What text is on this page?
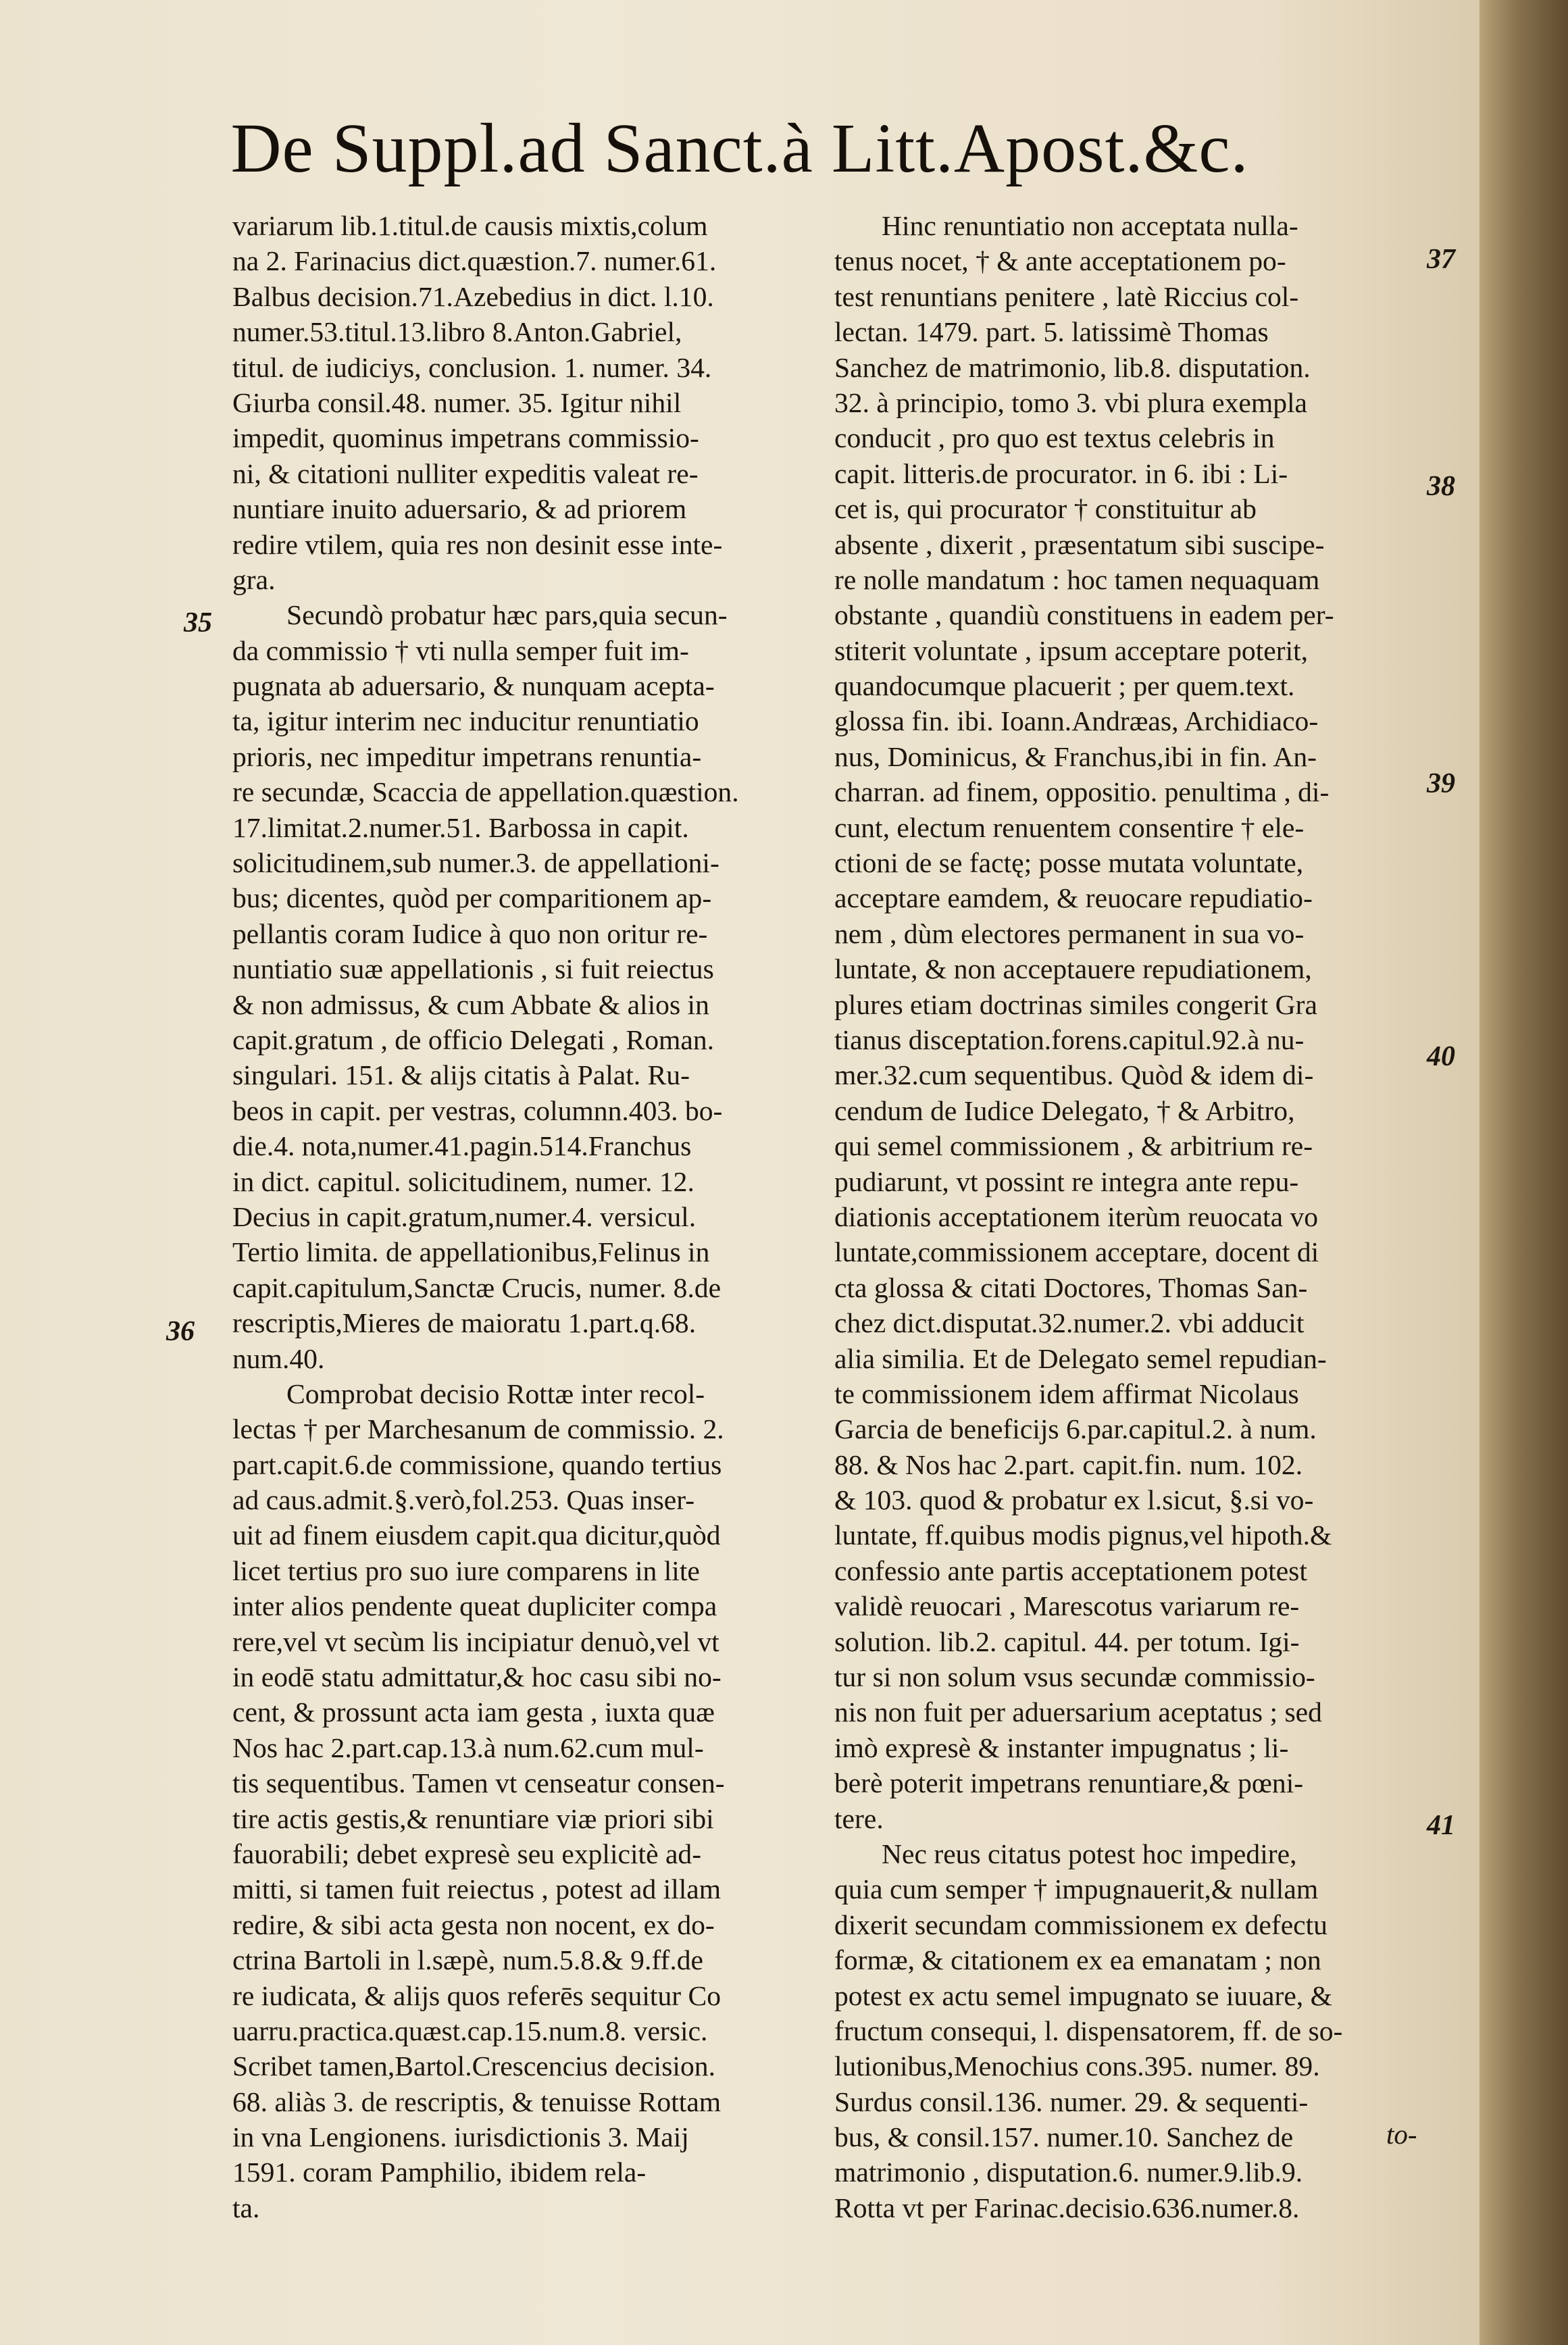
De Suppl.ad Sanct.à Litt.Apost.&c.
variarum lib.1.titul.de causis mixtis,colum
na 2. Farinacius dict.quæstion.7. numer.61.
Balbus decision.71.Azebedius in dict. l.10.
numer.53.titul.13.libro 8.Anton.Gabriel,
titul. de iudiciys, conclusion. 1. numer. 34.
Giurba consil.48. numer. 35. Igitur nihil
impedit, quominus impetrans commissio-
ni, & citationi nulliter expeditis valeat re-
nuntiare inuito aduersario, & ad priorem
redire vtilem, quia res non desinit esse inte-
gra.
Secundò probatur hæc pars,quia secun-
da commissio † vti nulla semper fuit im-
pugnata ab aduersario, & nunquam acepta-
ta, igitur interim nec inducitur renuntiatio
prioris, nec impeditur impetrans renuntia-
re secundæ, Scaccia de appellation.quæstion.
17.limitat.2.numer.51. Barbossa in capit.
solicitudinem,sub numer.3. de appellationi-
bus; dicentes, quòd per comparitionem ap-
pellantis coram Iudice à quo non oritur re-
nuntiatio suæ appellationis , si fuit reiectus
& non admissus, & cum Abbate & alios in
capit.gratum , de officio Delegati , Roman.
singulari. 151. & alijs citatis à Palat. Ru-
beos in capit. per vestras, columnn.403. bo-
die.4. nota,numer.41.pagin.514.Franchus
in dict. capitul. solicitudinem, numer. 12.
Decius in capit.gratum,numer.4. versicul.
Tertio limita. de appellationibus,Felinus in
capit.capitulum,Sanctæ Crucis, numer. 8.de
rescriptis,Mieres de maioratu 1.part.q.68.
num.40.
Comprobat decisio Rottæ inter recol-
lectas † per Marchesanum de commissio. 2.
part.capit.6.de commissione, quando tertius
ad caus.admit.§.verò,fol.253. Quas inser-
uit ad finem eiusdem capit.qua dicitur,quòd
licet tertius pro suo iure comparens in lite
inter alios pendente queat dupliciter compa
rere,vel vt secùm lis incipiatur denuò,vel vt
in eodē statu admittatur,& hoc casu sibi no-
cent, & prossunt acta iam gesta , iuxta quæ
Nos hac 2.part.cap.13.à num.62.cum mul-
tis sequentibus. Tamen vt censeatur consen-
tire actis gestis,& renuntiare viæ priori sibi
fauorabili; debet expresè seu explicitè ad-
mitti, si tamen fuit reiectus , potest ad illam
redire, & sibi acta gesta non nocent, ex do-
ctrina Bartoli in l.sæpè, num.5.8.& 9.ff.de
re iudicata, & alijs quos referēs sequitur Co
uarru.practica.quæst.cap.15.num.8. versic.
Scribet tamen,Bartol.Crescencius decision.
68. aliàs 3. de rescriptis, & tenuisse Rottam
in vna Lengionens. iurisdictionis 3. Maij
1591. coram Pamphilio, ibidem rela-
ta.
Hinc renuntiatio non acceptata nulla-
tenus nocet, † & ante acceptationem po-
test renuntians penitere , latè Riccius col-
lectan. 1479. part. 5. latissimè Thomas
Sanchez de matrimonio, lib.8. disputation.
32. à principio, tomo 3. vbi plura exempla
conducit , pro quo est textus celebris in
capit. litteris.de procurator. in 6. ibi : Li-
cet is, qui procurator † constituitur ab
absente , dixerit , præsentatum sibi suscipe-
re nolle mandatum : hoc tamen nequaquam
obstante , quandiù constituens in eadem per-
stiterit voluntate , ipsum acceptare poterit,
quandocumque placuerit ; per quem.text.
glossa fin. ibi. Ioann.Andræas, Archidiaco-
nus, Dominicus, & Franchus,ibi in fin. An-
charran. ad finem, oppositio. penultima , di-
cunt, electum renuentem consentire † ele-
ctioni de se factę; posse mutata voluntate,
acceptare eamdem, & reuocare repudiatio-
nem , dùm electores permanent in sua vo-
luntate, & non acceptauere repudiationem,
plures etiam doctrinas similes congerit Gra
tianus disceptation.forens.capitul.92.à nu-
mer.32.cum sequentibus. Quòd & idem di-
cendum de Iudice Delegato, † & Arbitro,
qui semel commissionem , & arbitrium re-
pudiarunt, vt possint re integra ante repu-
diationis acceptationem iterùm reuocata vo
luntate,commissionem acceptare, docent di
cta glossa & citati Doctores, Thomas San-
chez dict.disputat.32.numer.2. vbi adducit
alia similia. Et de Delegato semel repudian-
te commissionem idem affirmat Nicolaus
Garcia de beneficijs 6.par.capitul.2. à num.
88. & Nos hac 2.part. capit.fin. num. 102.
& 103. quod & probatur ex l.sicut, §.si vo-
luntate, ff.quibus modis pignus,vel hipoth.&
confessio ante partis acceptationem potest
validè reuocari , Marescotus variarum re-
solution. lib.2. capitul. 44. per totum. Igi-
tur si non solum vsus secundæ commissio-
nis non fuit per aduersarium aceptatus ; sed
imò expresè & instanter impugnatus ; li-
berè poterit impetrans renuntiare,& pœni-
tere.
Nec reus citatus potest hoc impedire,
quia cum semper † impugnauerit,& nullam
dixerit secundam commissionem ex defectu
formæ, & citationem ex ea emanatam ; non
potest ex actu semel impugnato se iuuare, &
fructum consequi, l. dispensatorem, ff. de so-
lutionibus,Menochius cons.395. numer. 89.
Surdus consil.136. numer. 29. & sequenti-
bus, & consil.157. numer.10. Sanchez de
matrimonio , disputation.6. numer.9.lib.9.
Rotta vt per Farinac.decisio.636.numer.8.
35
36
37
38
39
40
41
to-
